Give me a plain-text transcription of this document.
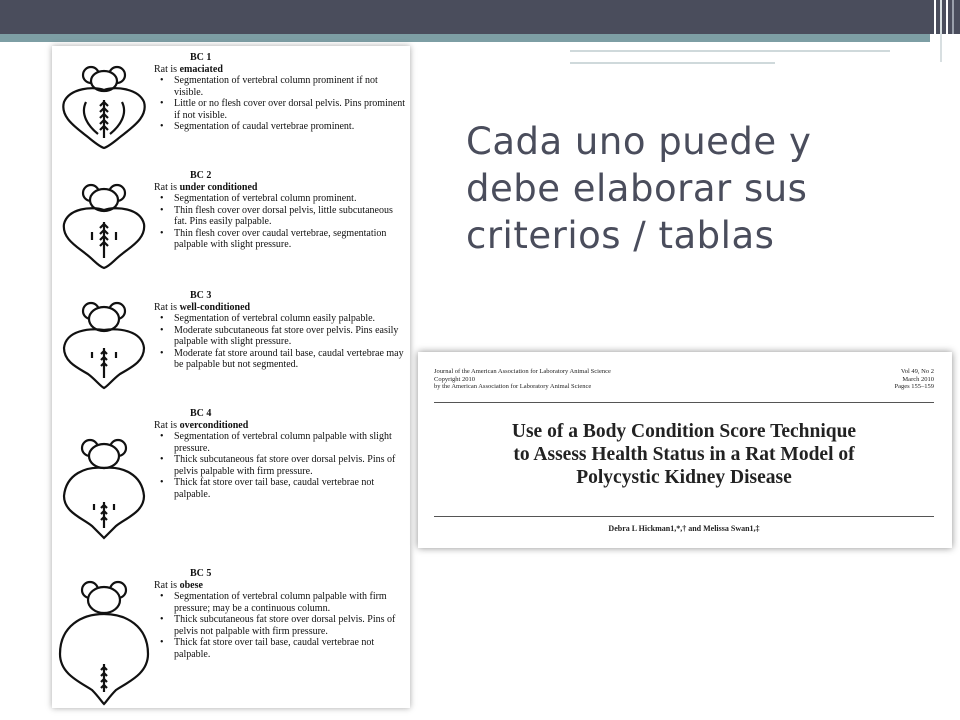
BC 1
Rat is emaciated
• Segmentation of vertebral column prominent if not visible.
• Little or no flesh cover over dorsal pelvis. Pins prominent if not visible.
• Segmentation of caudal vertebrae prominent.
BC 2
Rat is under conditioned
• Segmentation of vertebral column prominent.
• Thin flesh cover over dorsal pelvis, little subcutaneous fat. Pins easily palpable.
• Thin flesh cover over caudal vertebrae, segmentation palpable with slight pressure.
BC 3
Rat is well-conditioned
• Segmentation of vertebral column easily palpable.
• Moderate subcutaneous fat store over pelvis. Pins easily palpable with slight pressure.
• Moderate fat store around tail base, caudal vertebrae may be palpable but not segmented.
BC 4
Rat is overconditioned
• Segmentation of vertebral column palpable with slight pressure.
• Thick subcutaneous fat store over dorsal pelvis. Pins of pelvis palpable with firm pressure.
• Thick fat store over tail base, caudal vertebrae not palpable.
BC 5
Rat is obese
• Segmentation of vertebral column palpable with firm pressure; may be a continuous column.
• Thick subcutaneous fat store over dorsal pelvis. Pins of pelvis not palpable with firm pressure.
• Thick fat store over tail base, caudal vertebrae not palpable.
Cada uno puede y
debe elaborar sus
criterios / tablas
Journal of the American Association for Laboratory Animal Science
Copyright 2010
by the American Association for Laboratory Animal Science
Vol 49, No 2
March 2010
Pages 155–159
Use of a Body Condition Score Technique
to Assess Health Status in a Rat Model of
Polycystic Kidney Disease
Debra L Hickman1,*,† and Melissa Swan1,‡
